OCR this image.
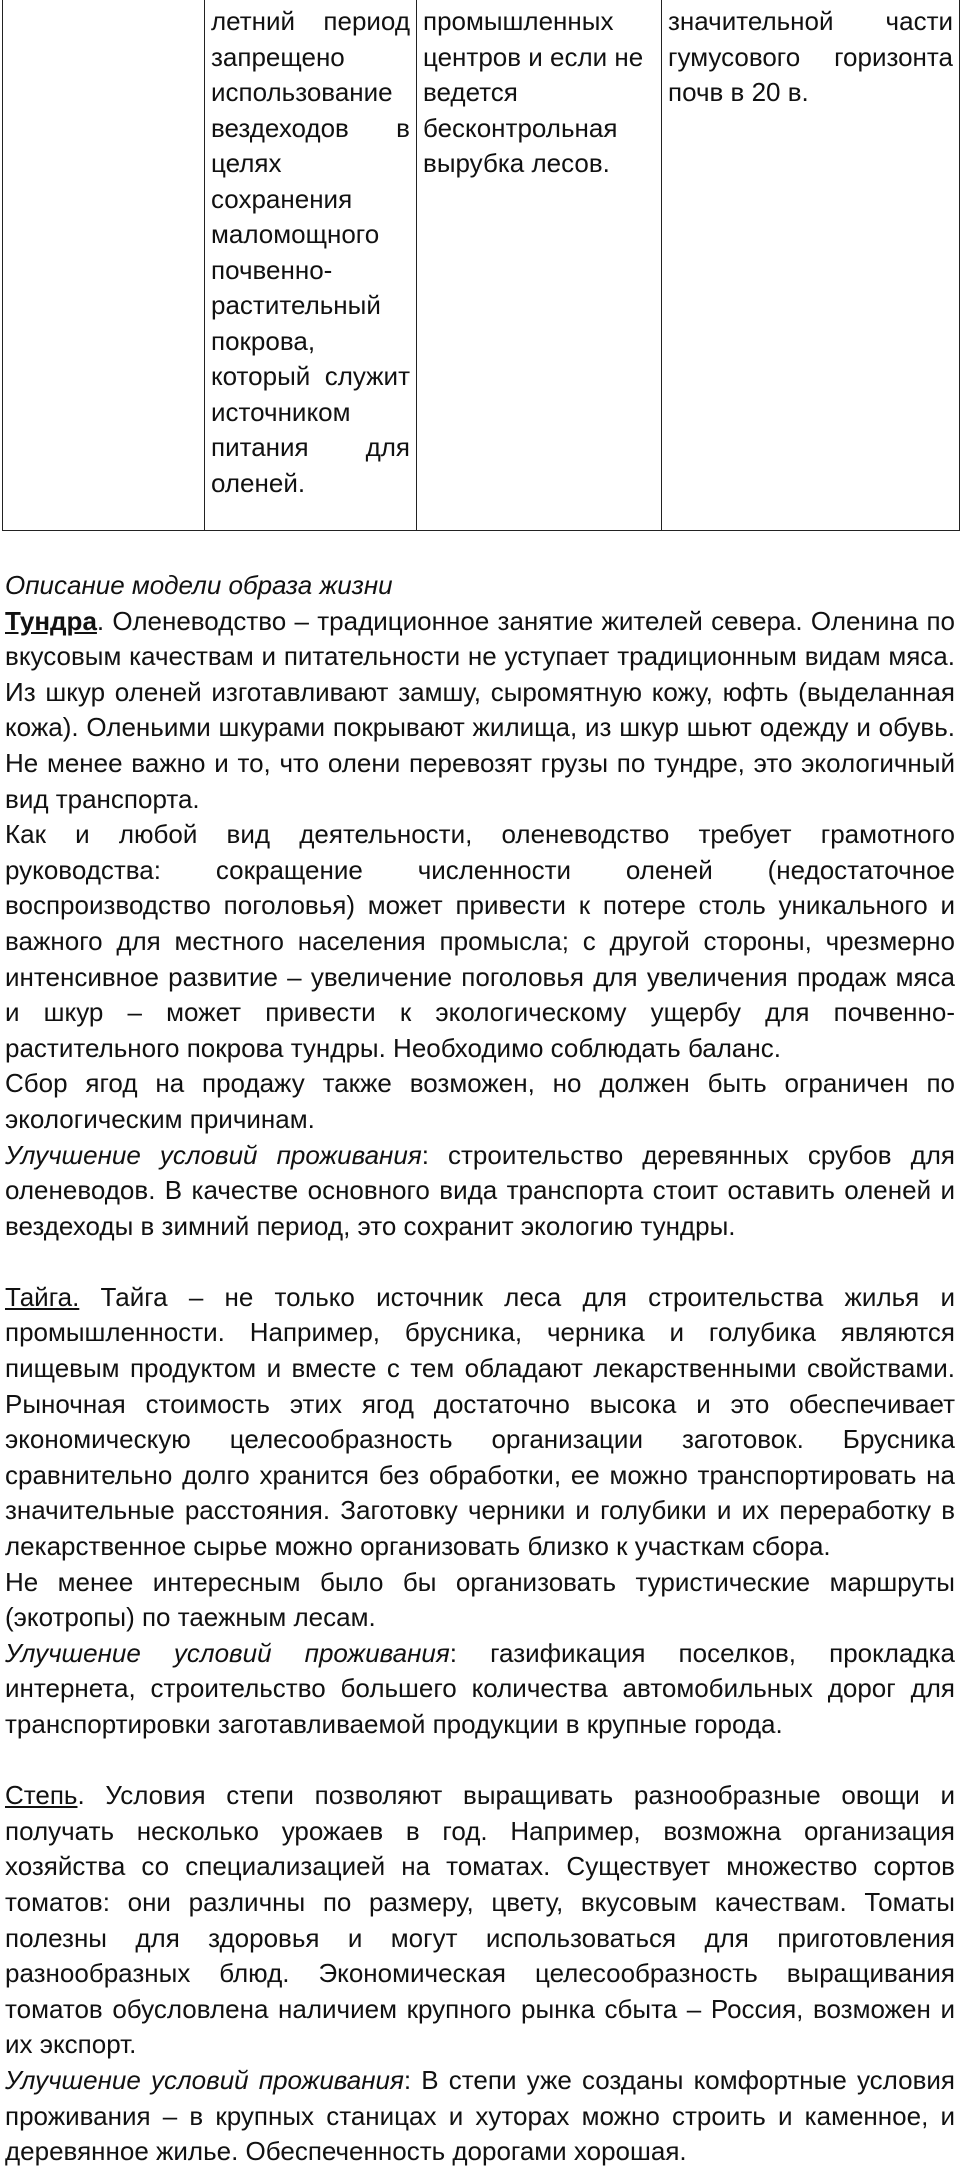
	летний период запрещено использование вездеходов в целях сохранения маломощного почвенно-растительный покрова, который служит источником питания для оленей.	промышленных центров и если не ведется бесконтрольная вырубка лесов.	значительной части гумусового горизонта почв в 20 в.

Описание модели образа жизни

Тундра. Оленеводство – традиционное занятие жителей севера. Оленина по вкусовым качествам и питательности не уступает традиционным видам мяса. Из шкур оленей изготавливают замшу, сыромятную кожу, юфть (выделанная кожа). Оленьими шкурами покрывают жилища, из шкур шьют одежду и обувь. Не менее важно и то, что олени перевозят грузы по тундре, это экологичный вид транспорта.

Как и любой вид деятельности, оленеводство требует грамотного руководства: сокращение численности оленей (недостаточное воспроизводство поголовья) может привести к потере столь уникального и важного для местного населения промысла; с другой стороны, чрезмерно интенсивное развитие – увеличение поголовья для увеличения продаж мяса и шкур – может привести к экологическому ущербу для почвенно-растительного покрова тундры. Необходимо соблюдать баланс.

Сбор ягод на продажу также возможен, но должен быть ограничен по экологическим причинам.

Улучшение условий проживания: строительство деревянных срубов для оленеводов. В качестве основного вида транспорта стоит оставить оленей и вездеходы в зимний период, это сохранит экологию тундры.

Тайга. Тайга – не только источник леса для строительства жилья и промышленности. Например, брусника, черника и голубика являются пищевым продуктом и вместе с тем обладают лекарственными свойствами. Рыночная стоимость этих ягод достаточно высока и это обеспечивает экономическую целесообразность организации заготовок. Брусника сравнительно долго хранится без обработки, ее можно транспортировать на значительные расстояния. Заготовку черники и голубики и их переработку в лекарственное сырье можно организовать близко к участкам сбора.

Не менее интересным было бы организовать туристические маршруты (экотропы) по таежным лесам.

Улучшение условий проживания: газификация поселков, прокладка интернета, строительство большего количества автомобильных дорог для транспортировки заготавливаемой продукции в крупные города.

Степь. Условия степи позволяют выращивать разнообразные овощи и получать несколько урожаев в год. Например, возможна организация хозяйства со специализацией на томатах. Существует множество сортов томатов: они различны по размеру, цвету, вкусовым качествам. Томаты полезны для здоровья и могут использоваться для приготовления разнообразных блюд. Экономическая целесообразность выращивания томатов обусловлена наличием крупного рынка сбыта – Россия, возможен и их экспорт.

Улучшение условий проживания: В степи уже созданы комфортные условия проживания – в крупных станицах и хуторах можно строить и каменное, и деревянное жилье. Обеспеченность дорогами хорошая.
